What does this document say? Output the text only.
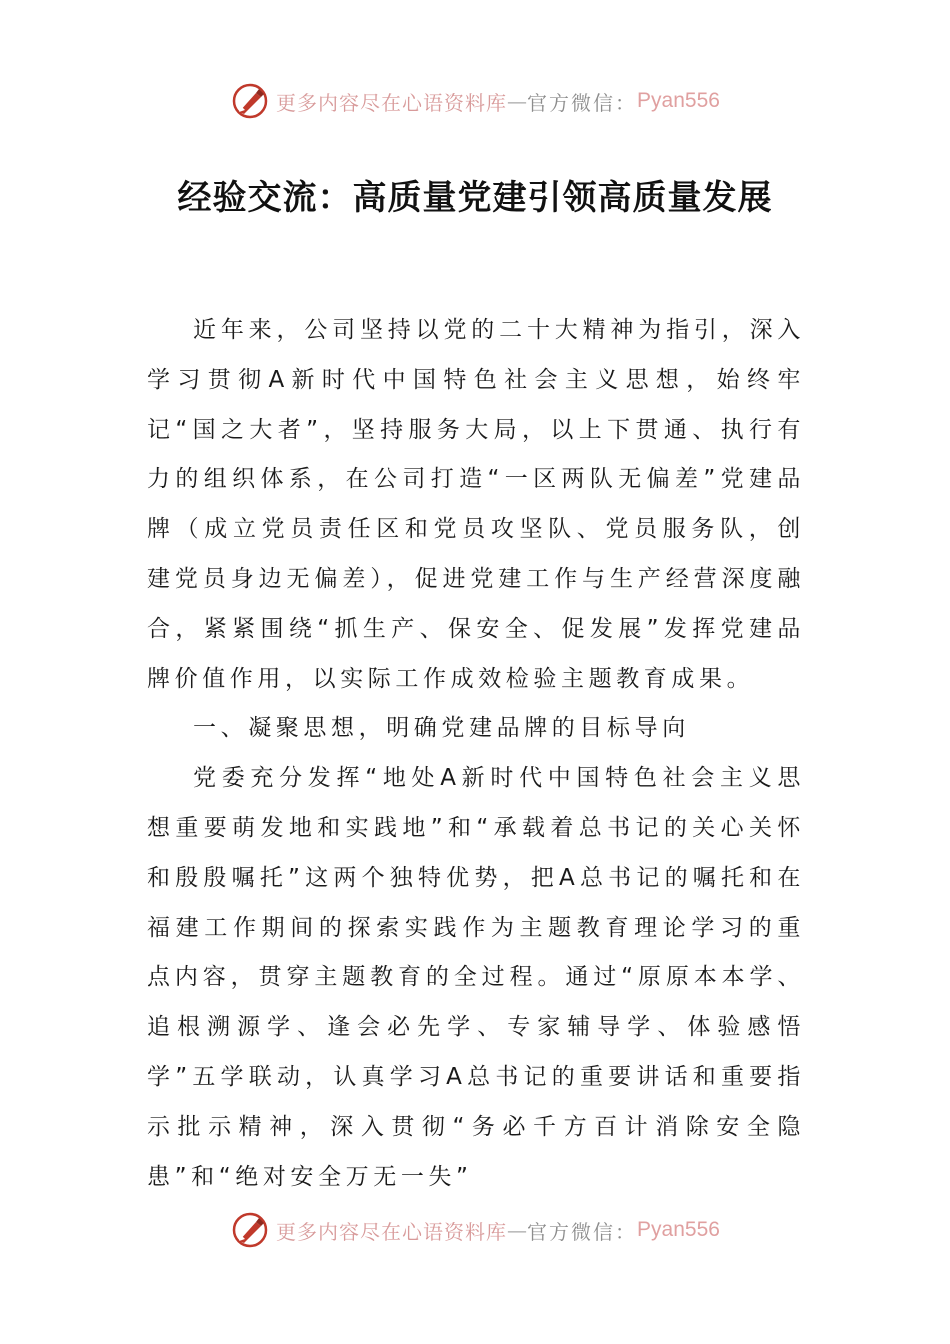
更多内容尽在心语资料库 — 官方微信： Pyan556
经验交流：高质量党建引领高质量发展

近年来，公司坚持以党的二十大精神为指引，深入学习贯彻A新时代中国特色社会主义思想，始终牢记“国之大者”，坚持服务大局，以上下贯通、执行有力的组织体系，在公司打造“一区两队无偏差”党建品牌（成立党员责任区和党员攻坚队、党员服务队，创建党员身边无偏差），促进党建工作与生产经营深度融合，紧紧围绕“抓生产、保安全、促发展”发挥党建品牌价值作用，以实际工作成效检验主题教育成果。

一、凝聚思想，明确党建品牌的目标导向

党委充分发挥“地处A新时代中国特色社会主义思想重要萌发地和实践地”和“承载着总书记的关心关怀和殷殷嘱托”这两个独特优势，把A总书记的嘱托和在福建工作期间的探索实践作为主题教育理论学习的重点内容，贯穿主题教育的全过程。通过“原原本本学、追根溯源学、逢会必先学、专家辅导学、体验感悟学”五学联动，认真学习A总书记的重要讲话和重要指示批示精神，深入贯彻“务必千方百计消除安全隐患”和“绝对安全万无一失”

更多内容尽在心语资料库 — 官方微信： Pyan556
